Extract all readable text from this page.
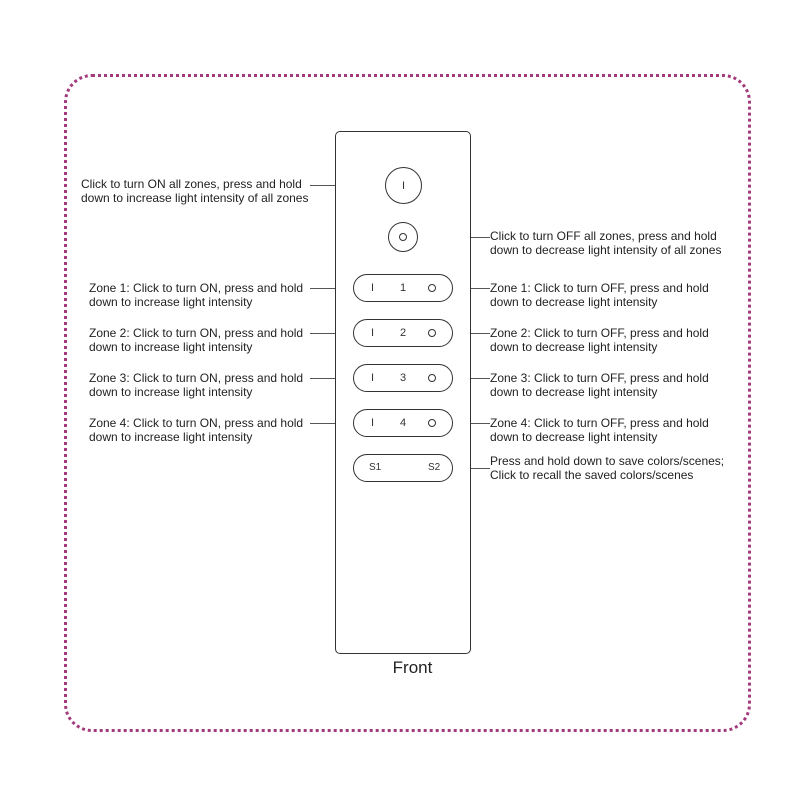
I
I 1
I 2
I 3
I 4
S1	S2
Click to turn ON all zones, press and hold
down to increase light intensity of all zones
Click to turn OFF all zones, press and hold
down to decrease light intensity of all zones
Zone 1: Click to turn ON, press and hold
down to increase light intensity
Zone 1: Click to turn OFF, press and hold
down to decrease light intensity
Zone 2: Click to turn ON, press and hold
down to increase light intensity
Zone 2: Click to turn OFF, press and hold
down to decrease light intensity
Zone 3: Click to turn ON, press and hold
down to increase light intensity
Zone 3: Click to turn OFF, press and hold
down to decrease light intensity
Zone 4: Click to turn ON, press and hold
down to increase light intensity
Zone 4: Click to turn OFF, press and hold
down to decrease light intensity
Press and hold down to save colors/scenes;
Click to recall the saved colors/scenes
Front
